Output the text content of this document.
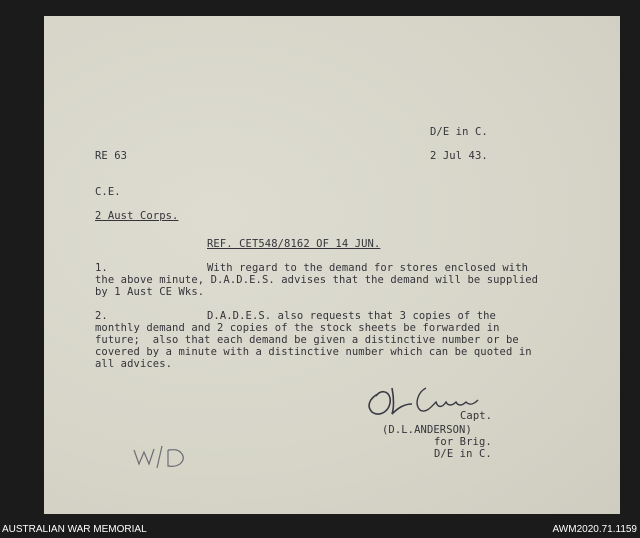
D/E in C.
RE 63	2 Jul 43.
C.E.
2 Aust Corps.
REF. CET548/8162 OF 14 JUN.
1.	With regard to the demand for stores enclosed with
the above minute, D.A.D.E.S. advises that the demand will be supplied
by 1 Aust CE Wks.
2.	D.A.D.E.S. also requests that 3 copies of the
monthly demand and 2 copies of the stock sheets be forwarded in
future;  also that each demand be given a distinctive number or be
covered by a minute with a distinctive number which can be quoted in
all advices.
Capt.
(D.L.ANDERSON)
for Brig.
D/E in C.
AUSTRALIAN WAR MEMORIAL	AWM2020.71.1159
